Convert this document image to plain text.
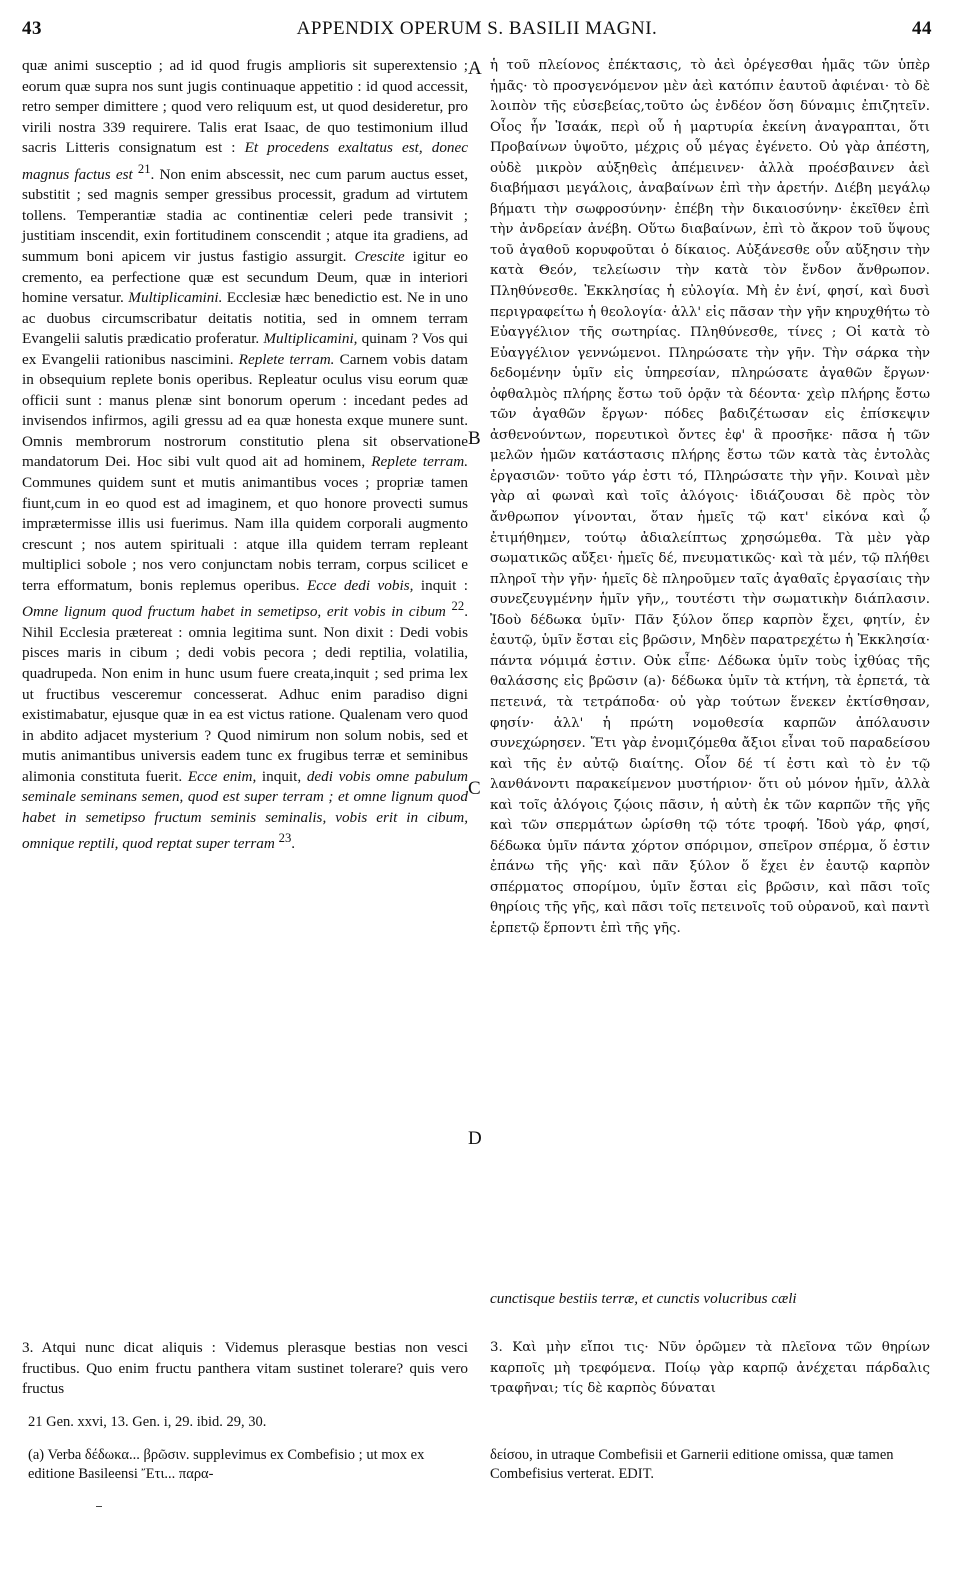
43	APPENDIX OPERUM S. BASILII MAGNI.	44

quæ animi susceptio ; ad id quod frugis amplioris sit superextensio ; eorum quæ supra nos sunt jugis continuaque appetitio : id quod accessit, retro semper dimittere ; quod vero reliquum est, ut quod desideretur, pro virili nostra 339 requirere. Talis erat Isaac, de quo testimonium illud sacris Litteris consignatum est : Et procedens exaltatus est, donec magnus factus est $^{21}$. Non enim abscessit, nec cum parum auctus esset, substitit ; sed magnis semper gressibus processit, gradum ad virtutem tollens. Temperantiæ stadia ac continentiæ celeri pede transivit ; justitiam inscendit, exin fortitudinem conscendit ; atque ita gradiens, ad summum boni apicem vir justus fastigio assurgit. Crescite igitur eo cremento, ea perfectione quæ est secundum Deum, quæ in interiori homine versatur. Multiplicamini. Ecclesiæ hæc benedictio est. Ne in uno ac duobus circumscribatur deitatis notitia, sed in omnem terram Evangelii salutis prædicatio proferatur. Multiplicamini, quinam ? Vos qui ex Evangelii rationibus nascimini. Replete terram. Carnem vobis datam in obsequium replete bonis operibus. Repleatur oculus visu eorum quæ officii sunt : manus plenæ sint bonorum operum : incedant pedes ad invisendos infirmos, agili gressu ad ea quæ honesta exque munere sunt. Omnis membrorum nostrorum constitutio plena sit observatione mandatorum Dei. Hoc sibi vult quod ait ad hominem, Replete terram. Communes quidem sunt et mutis animantibus voces ; propriæ tamen fiunt,cum in eo quod est ad imaginem, et quo honore provecti sumus imprætermisse illis usi fuerimus. Nam illa quidem corporali augmento crescunt ; nos autem spirituali : atque illa quidem terram repleant multiplici sobole ; nos vero conjunctam nobis terram, corpus scilicet e terra efformatum, bonis replemus operibus. Ecce dedi vobis, inquit : Omne lignum quod fructum habet in semetipso, erit vobis in cibum $^{22}$. Nihil Ecclesia prætereat : omnia legitima sunt. Non dixit : Dedi vobis pisces maris in cibum ; dedi vobis pecora ; dedi reptilia, volatilia, quadrupeda. Non enim in hunc usum fuere creata,inquit ; sed prima lex ut fructibus vesceremur concesserat. Adhuc enim paradiso digni existimabatur, ejusque quæ in ea est victus ratione. Qualenam vero quod in abdito adjacet mysterium ? Quod nimirum non solum nobis, sed et mutis animantibus universis eadem tunc ex frugibus terræ et seminibus alimonia constituta fuerit. Ecce enim, inquit, dedi vobis omne pabulum seminale seminans semen, quod est super terram ; et omne lignum quod habet in semetipso fructum seminis seminalis, vobis erit in cibum, omnique reptili, quod reptat super terram $^{23}$.

A
B
C
D

ἡ τοῦ πλείονος ἐπέκτασις, τὸ ἀεὶ ὀρέγεσθαι ἡμᾶς τῶν ὑπὲρ ἡμᾶς· τὸ προσγενόμενον μὲν ἀεὶ κατόπιν ἑαυτοῦ ἀφιέναι· τὸ δὲ λοιπὸν τῆς εὐσεβείας,τοῦτο ὡς ἐνδέον ὅση δύναμις ἐπιζητεῖν. Οἷος ἦν Ἰσαάκ, περὶ οὗ ἡ μαρτυρία ἐκείνη ἀναγραπται, ὅτι Προβαίνων ὑψοῦτο, μέχρις οὗ μέγας ἐγένετο. Οὐ γὰρ ἀπέστη, οὐδὲ μικρὸν αὐξηθεὶς ἀπέμεινεν· ἀλλὰ προέσβαινεν ἀεὶ διαβήμασι μεγάλοις, ἀναβαίνων ἐπὶ τὴν ἀρετήν. Διέβη μεγάλῳ βήματι τὴν σωφροσύνην· ἐπέβη τὴν δικαιοσύνην· ἐκεῖθεν ἐπὶ τὴν ἀνδρείαν ἀνέβη. Οὕτω διαβαίνων, ἐπὶ τὸ ἄκρον τοῦ ὕψους τοῦ ἀγαθοῦ κορυφοῦται ὁ δίκαιος. Αὐξάνεσθε οὖν αὔξησιν τὴν κατὰ Θεόν, τελείωσιν τὴν κατὰ τὸν ἔνδον ἄνθρωπον. Πληθύνεσθε. Ἐκκλησίας ἡ εὐλογία. Μὴ ἐν ἑνί, φησί, καὶ δυσὶ περιγραφείτω ἡ θεολογία· ἀλλ' εἰς πᾶσαν τὴν γῆν κηρυχθήτω τὸ Εὐαγγέλιον τῆς σωτηρίας. Πληθύνεσθε, τίνες ; Οἱ κατὰ τὸ Εὐαγγέλιον γεννώμενοι. Πληρώσατε τὴν γῆν. Τὴν σάρκα τὴν δεδομένην ὑμῖν εἰς ὑπηρεσίαν, πληρώσατε ἀγαθῶν ἔργων· ὀφθαλμὸς πλήρης ἔστω τοῦ ὁρᾷν τὰ δέοντα· χεὶρ πλήρης ἔστω τῶν ἀγαθῶν ἔργων· πόδες βαδιζέτωσαν εἰς ἐπίσκεψιν ἀσθενούντων, πορευτικοὶ ὄντες ἐφ' ἃ προσῆκε· πᾶσα ἡ τῶν μελῶν ἡμῶν κατάστασις πλήρης ἔστω τῶν κατὰ τὰς ἐντολὰς ἐργασιῶν· τοῦτο γάρ ἐστι τό, Πληρώσατε τὴν γῆν. Κοιναὶ μὲν γὰρ αἱ φωναὶ καὶ τοῖς ἀλόγοις· ἰδιάζουσαι δὲ πρὸς τὸν ἄνθρωπον γίνονται, ὅταν ἡμεῖς τῷ κατ' εἰκόνα καὶ ᾧ ἐτιμήθημεν, τούτῳ ἀδιαλείπτως χρησώμεθα. Τὰ μὲν γὰρ σωματικῶς αὔξει· ἡμεῖς δέ, πνευματικῶς· καὶ τὰ μέν, τῷ πλήθει πληροῖ τὴν γῆν· ἡμεῖς δὲ πληροῦμεν ταῖς ἀγαθαῖς ἐργασίαις τὴν συνεζευγμένην ἡμῖν γῆν,, τουτέστι τὴν σωματικὴν διάπλασιν. Ἰδοὺ δέδωκα ὑμῖν· Πᾶν ξύλον ὅπερ καρπὸν ἔχει, φητίν, ἐν ἑαυτῷ, ὑμῖν ἔσται εἰς βρῶσιν, Μηδὲν παρατρεχέτω ἡ Ἐκκλησία· πάντα νόμιμά ἐστιν. Οὐκ εἶπε· Δέδωκα ὑμῖν τοὺς ἰχθύας τῆς θαλάσσης εἰς βρῶσιν (a)· δέδωκα ὑμῖν τὰ κτήνη, τὰ ἑρπετά, τὰ πετεινά, τὰ τετράποδα· οὐ γὰρ τούτων ἕνεκεν ἐκτίσθησαν, φησίν· ἀλλ' ἡ πρώτη νομοθεσία καρπῶν ἀπόλαυσιν συνεχώρησεν. Ἔτι γὰρ ἐνομιζόμεθα ἄξιοι εἶναι τοῦ παραδείσου καὶ τῆς ἐν αὐτῷ διαίτης. Οἷον δέ τί ἐστι καὶ τὸ ἐν τῷ λανθάνοντι παρακείμενον μυστήριον· ὅτι οὐ μόνον ἡμῖν, ἀλλὰ καὶ τοῖς ἀλόγοις ζῴοις πᾶσιν, ἡ αὐτὴ ἐκ τῶν καρπῶν τῆς γῆς καὶ τῶν σπερμάτων ὡρίσθη τῷ τότε τροφή. Ἰδοὺ γάρ, φησί, δέδωκα ὑμῖν πάντα χόρτον σπόριμον, σπεῖρον σπέρμα, ὅ ἐστιν ἐπάνω τῆς γῆς· καὶ πᾶν ξύλον ὅ ἔχει ἐν ἑαυτῷ καρπὸν σπέρματος σπορίμου, ὑμῖν ἔσται εἰς βρῶσιν, καὶ πᾶσι τοῖς θηρίοις τῆς γῆς, καὶ πᾶσι τοῖς πετεινοῖς τοῦ οὐρανοῦ, καὶ παντὶ ἑρπετῷ ἕρποντι ἐπὶ τῆς γῆς.

cunctisque bestiis terræ, et cunctis volucribus cæli
3. Atqui nunc dicat aliquis : Videmus plerasque bestias non vesci fructibus. Quo enim fructu panthera vitam sustinet tolerare? quis vero fructus
3. Καὶ μὴν εἴποι τις· Νῦν ὁρῶμεν τὰ πλεῖονα τῶν θηρίων καρποῖς μὴ τρεφόμενα. Ποίῳ γὰρ καρπῷ ἀνέχεται πάρδαλις τραφῆναι; τίς δὲ καρπὸς δύναται
21 Gen. xxvi, 13. Gen. i, 29. ibid. 29, 30.
(a) Verba δέδωκα... βρῶσιν. supplevimus ex Combefisio ; ut mox ex editione Basileensi Ἔτι... παρα-
δείσου, in utraque Combefisii et Garnerii editione omissa, quæ tamen Combefisius verterat. EDIT.
